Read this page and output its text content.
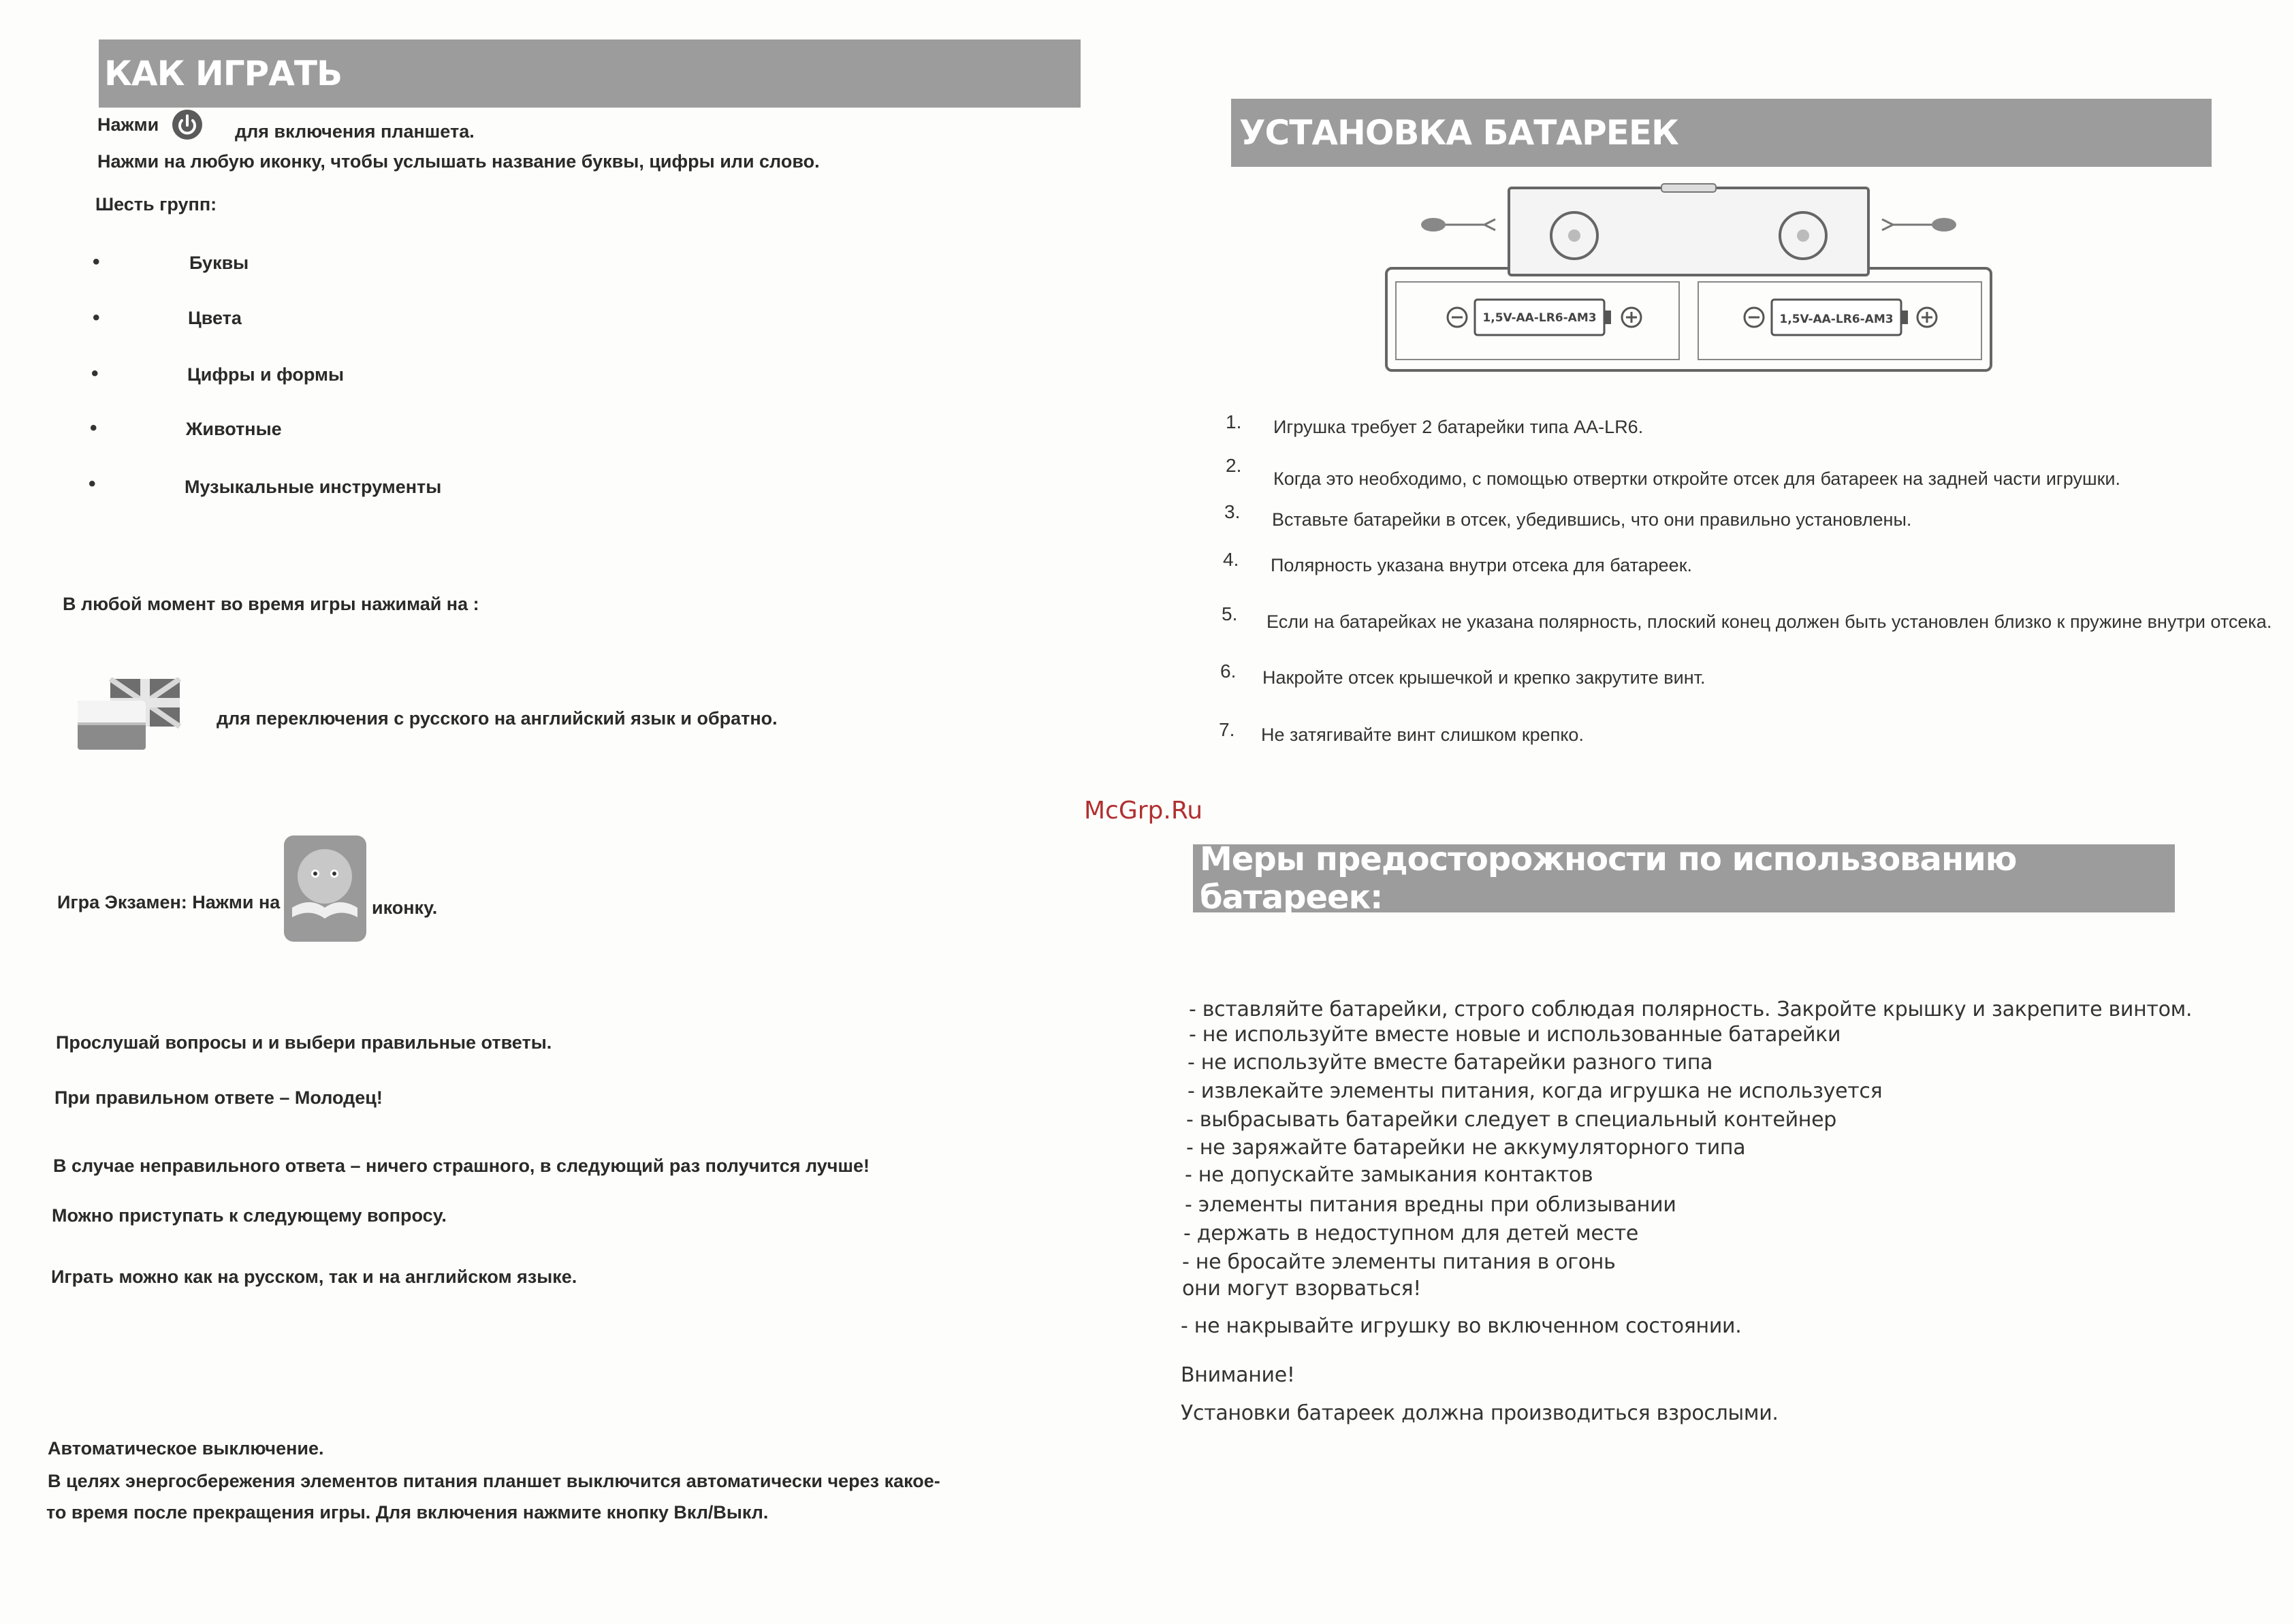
КАК ИГРАТЬ
Нажми	для включения планшета.
Нажми на любую иконку, чтобы услышать название буквы, цифры или слово.
Шесть групп:
•	Буквы
•	Цвета
•	Цифры и формы
•	Животные
•	Музыкальные инструменты
В любой момент во время игры нажимай на :
для переключения с русского на английский язык и обратно.
Игра Экзамен: Нажми на	иконку.
Прослушай вопросы и и выбери правильные ответы.
При правильном ответе – Молодец!
В случае неправильного ответа – ничего страшного, в следующий раз получится лучше!
Можно приступать к следующему вопросу.
Играть можно как на русском, так и на английском языке.
Автоматическое выключение.
В целях энергосбережения элементов питания планшет выключится автоматически через какое-
то время после прекращения игры. Для включения нажмите кнопку Вкл/Выкл.
УСТАНОВКА БАТАРЕЕК
1,5V-AA-LR6-AM3	1,5V-AA-LR6-AM3
1. Игрушка требует 2 батарейки типа AA-LR6.
2.
Когда это необходимо, с помощью отвертки откройте отсек для батареек на задней части игрушки.
3. Вставьте батарейки в отсек, убедившись, что они правильно установлены.
4. Полярность указана внутри отсека для батареек.
5. Если на батарейках не указана полярность, плоский конец должен быть установлен близко к пружине внутри отсека.
6. Накройте отсек крышечкой и крепко закрутите винт.
7. Не затягивайте винт слишком крепко.
McGrp.Ru
Меры предосторожности по использованию батареек:
- вставляйте батарейки, строго соблюдая полярность. Закройте крышку и закрепите винтом.
- не используйте вместе новые и использованные батарейки
- не используйте вместе батарейки разного типа
- извлекайте элементы питания, когда игрушка не используется
- выбрасывать батарейки следует в специальный контейнер
- не заряжайте батарейки не аккумуляторного типа
- не допускайте замыкания контактов
- элементы питания вредны при облизывании
- держать в недоступном для детей месте
- не бросайте элементы питания в огонь
они могут взорваться!
- не накрывайте игрушку во включенном состоянии.
Внимание!
Установки батареек должна производиться взрослыми.
